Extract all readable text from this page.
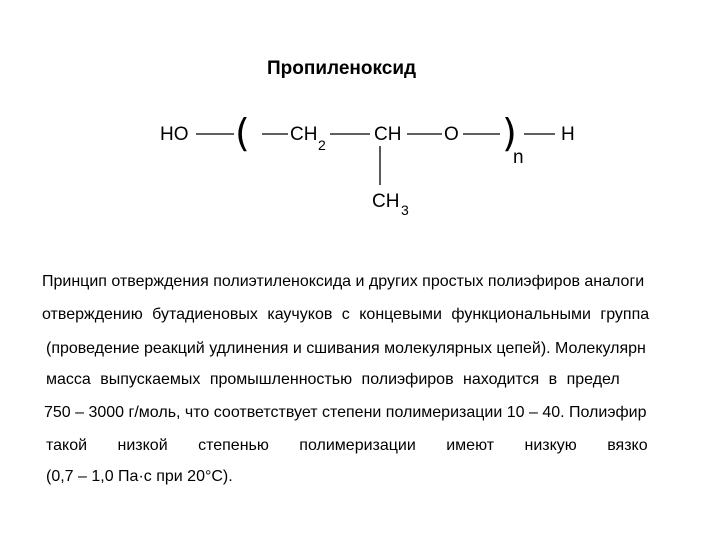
Пропиленоксид
HO ( CH 2	CH O )
n
H
CH 3
Принцип отверждения полиэтиленоксида и других простых полиэфиров аналоги
отверждению бутадиеновых каучуков с концевыми функциональными группа
(проведение реакций удлинения и сшивания молекулярных цепей). Молекулярн
масса выпускаемых промышленностью полиэфиров находится в предел
750 – 3000 г/моль, что соответствует степени полимеризации 10 – 40. Полиэфир
такой низкой степенью полимеризации имеют низкую вязко
(0,7 – 1,0 Па·с при 20°С).
